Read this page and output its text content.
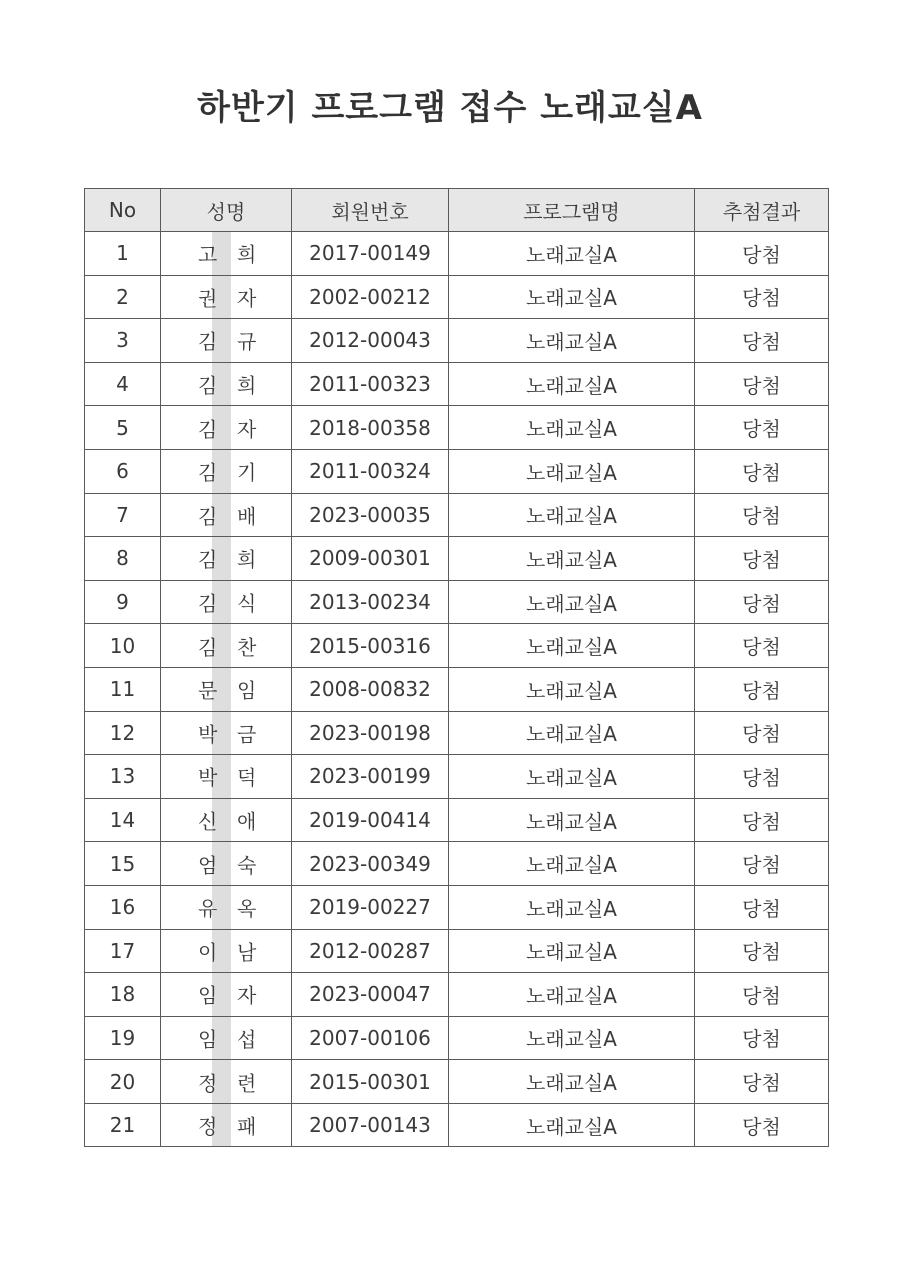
하반기 프로그램 접수 노래교실A
No	성명	회원번호	프로그램명	추첨결과
1	고 희	2017-00149	노래교실A	당첨
2	권 자	2002-00212	노래교실A	당첨
3	김 규	2012-00043	노래교실A	당첨
4	김 희	2011-00323	노래교실A	당첨
5	김 자	2018-00358	노래교실A	당첨
6	김 기	2011-00324	노래교실A	당첨
7	김 배	2023-00035	노래교실A	당첨
8	김 희	2009-00301	노래교실A	당첨
9	김 식	2013-00234	노래교실A	당첨
10	김 찬	2015-00316	노래교실A	당첨
11	문 임	2008-00832	노래교실A	당첨
12	박 금	2023-00198	노래교실A	당첨
13	박 덕	2023-00199	노래교실A	당첨
14	신 애	2019-00414	노래교실A	당첨
15	엄 숙	2023-00349	노래교실A	당첨
16	유 옥	2019-00227	노래교실A	당첨
17	이 남	2012-00287	노래교실A	당첨
18	임 자	2023-00047	노래교실A	당첨
19	임 섭	2007-00106	노래교실A	당첨
20	정 련	2015-00301	노래교실A	당첨
21	정 패	2007-00143	노래교실A	당첨
